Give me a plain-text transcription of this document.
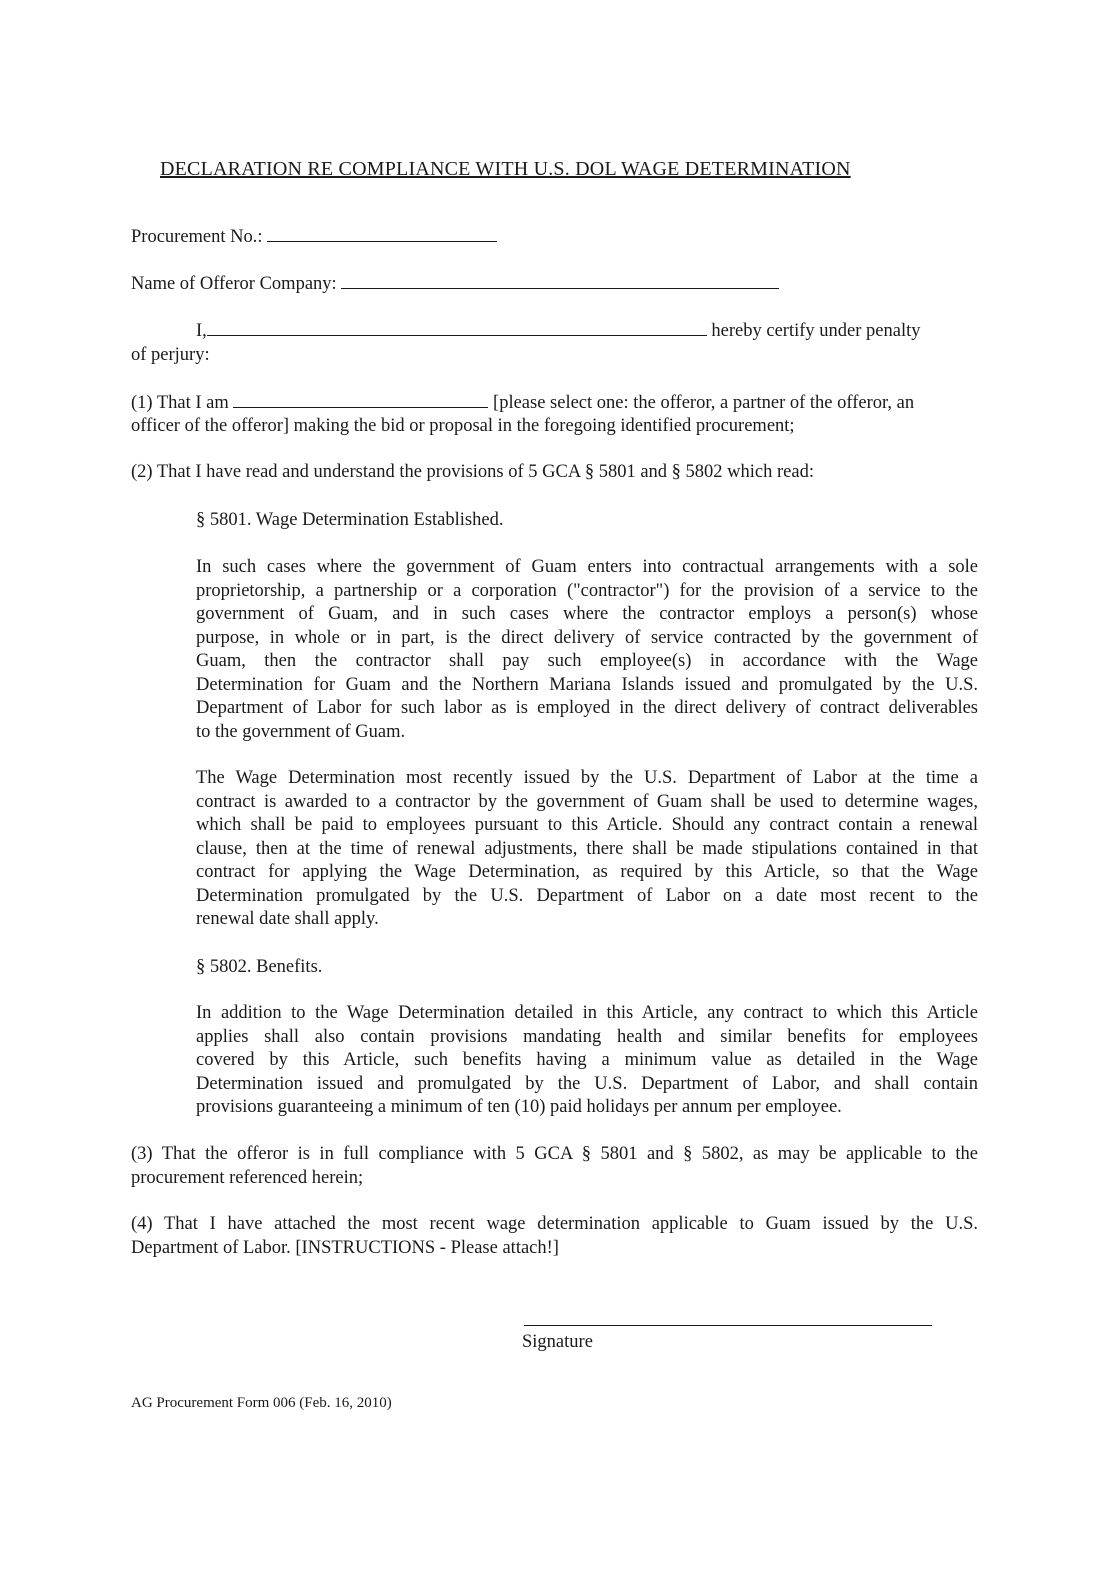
DECLARATION RE COMPLIANCE WITH U.S. DOL WAGE DETERMINATION
Procurement No.:
Name of Offeror Company:
I,	hereby certify under penalty
of perjury:
(1) That I am	[please select one: the offeror, a partner of the offeror, an
officer of the offeror] making the bid or proposal in the foregoing identified procurement;
(2) That I have read and understand the provisions of 5 GCA § 5801 and § 5802 which read:
§ 5801. Wage Determination Established.
In such cases where the government of Guam enters into contractual arrangements with a sole
proprietorship, a partnership or a corporation ("contractor") for the provision of a service to the
government of Guam, and in such cases where the contractor employs a person(s) whose
purpose, in whole or in part, is the direct delivery of service contracted by the government of
Guam, then the contractor shall pay such employee(s) in accordance with the Wage
Determination for Guam and the Northern Mariana Islands issued and promulgated by the U.S.
Department of Labor for such labor as is employed in the direct delivery of contract deliverables
to the government of Guam.
The Wage Determination most recently issued by the U.S. Department of Labor at the time a
contract is awarded to a contractor by the government of Guam shall be used to determine wages,
which shall be paid to employees pursuant to this Article. Should any contract contain a renewal
clause, then at the time of renewal adjustments, there shall be made stipulations contained in that
contract for applying the Wage Determination, as required by this Article, so that the Wage
Determination promulgated by the U.S. Department of Labor on a date most recent to the
renewal date shall apply.
§ 5802. Benefits.
In addition to the Wage Determination detailed in this Article, any contract to which this Article
applies shall also contain provisions mandating health and similar benefits for employees
covered by this Article, such benefits having a minimum value as detailed in the Wage
Determination issued and promulgated by the U.S. Department of Labor, and shall contain
provisions guaranteeing a minimum of ten (10) paid holidays per annum per employee.
(3) That the offeror is in full compliance with 5 GCA § 5801 and § 5802, as may be applicable to the
procurement referenced herein;
(4) That I have attached the most recent wage determination applicable to Guam issued by the U.S.
Department of Labor. [INSTRUCTIONS - Please attach!]
Signature
AG Procurement Form 006 (Feb. 16, 2010)
